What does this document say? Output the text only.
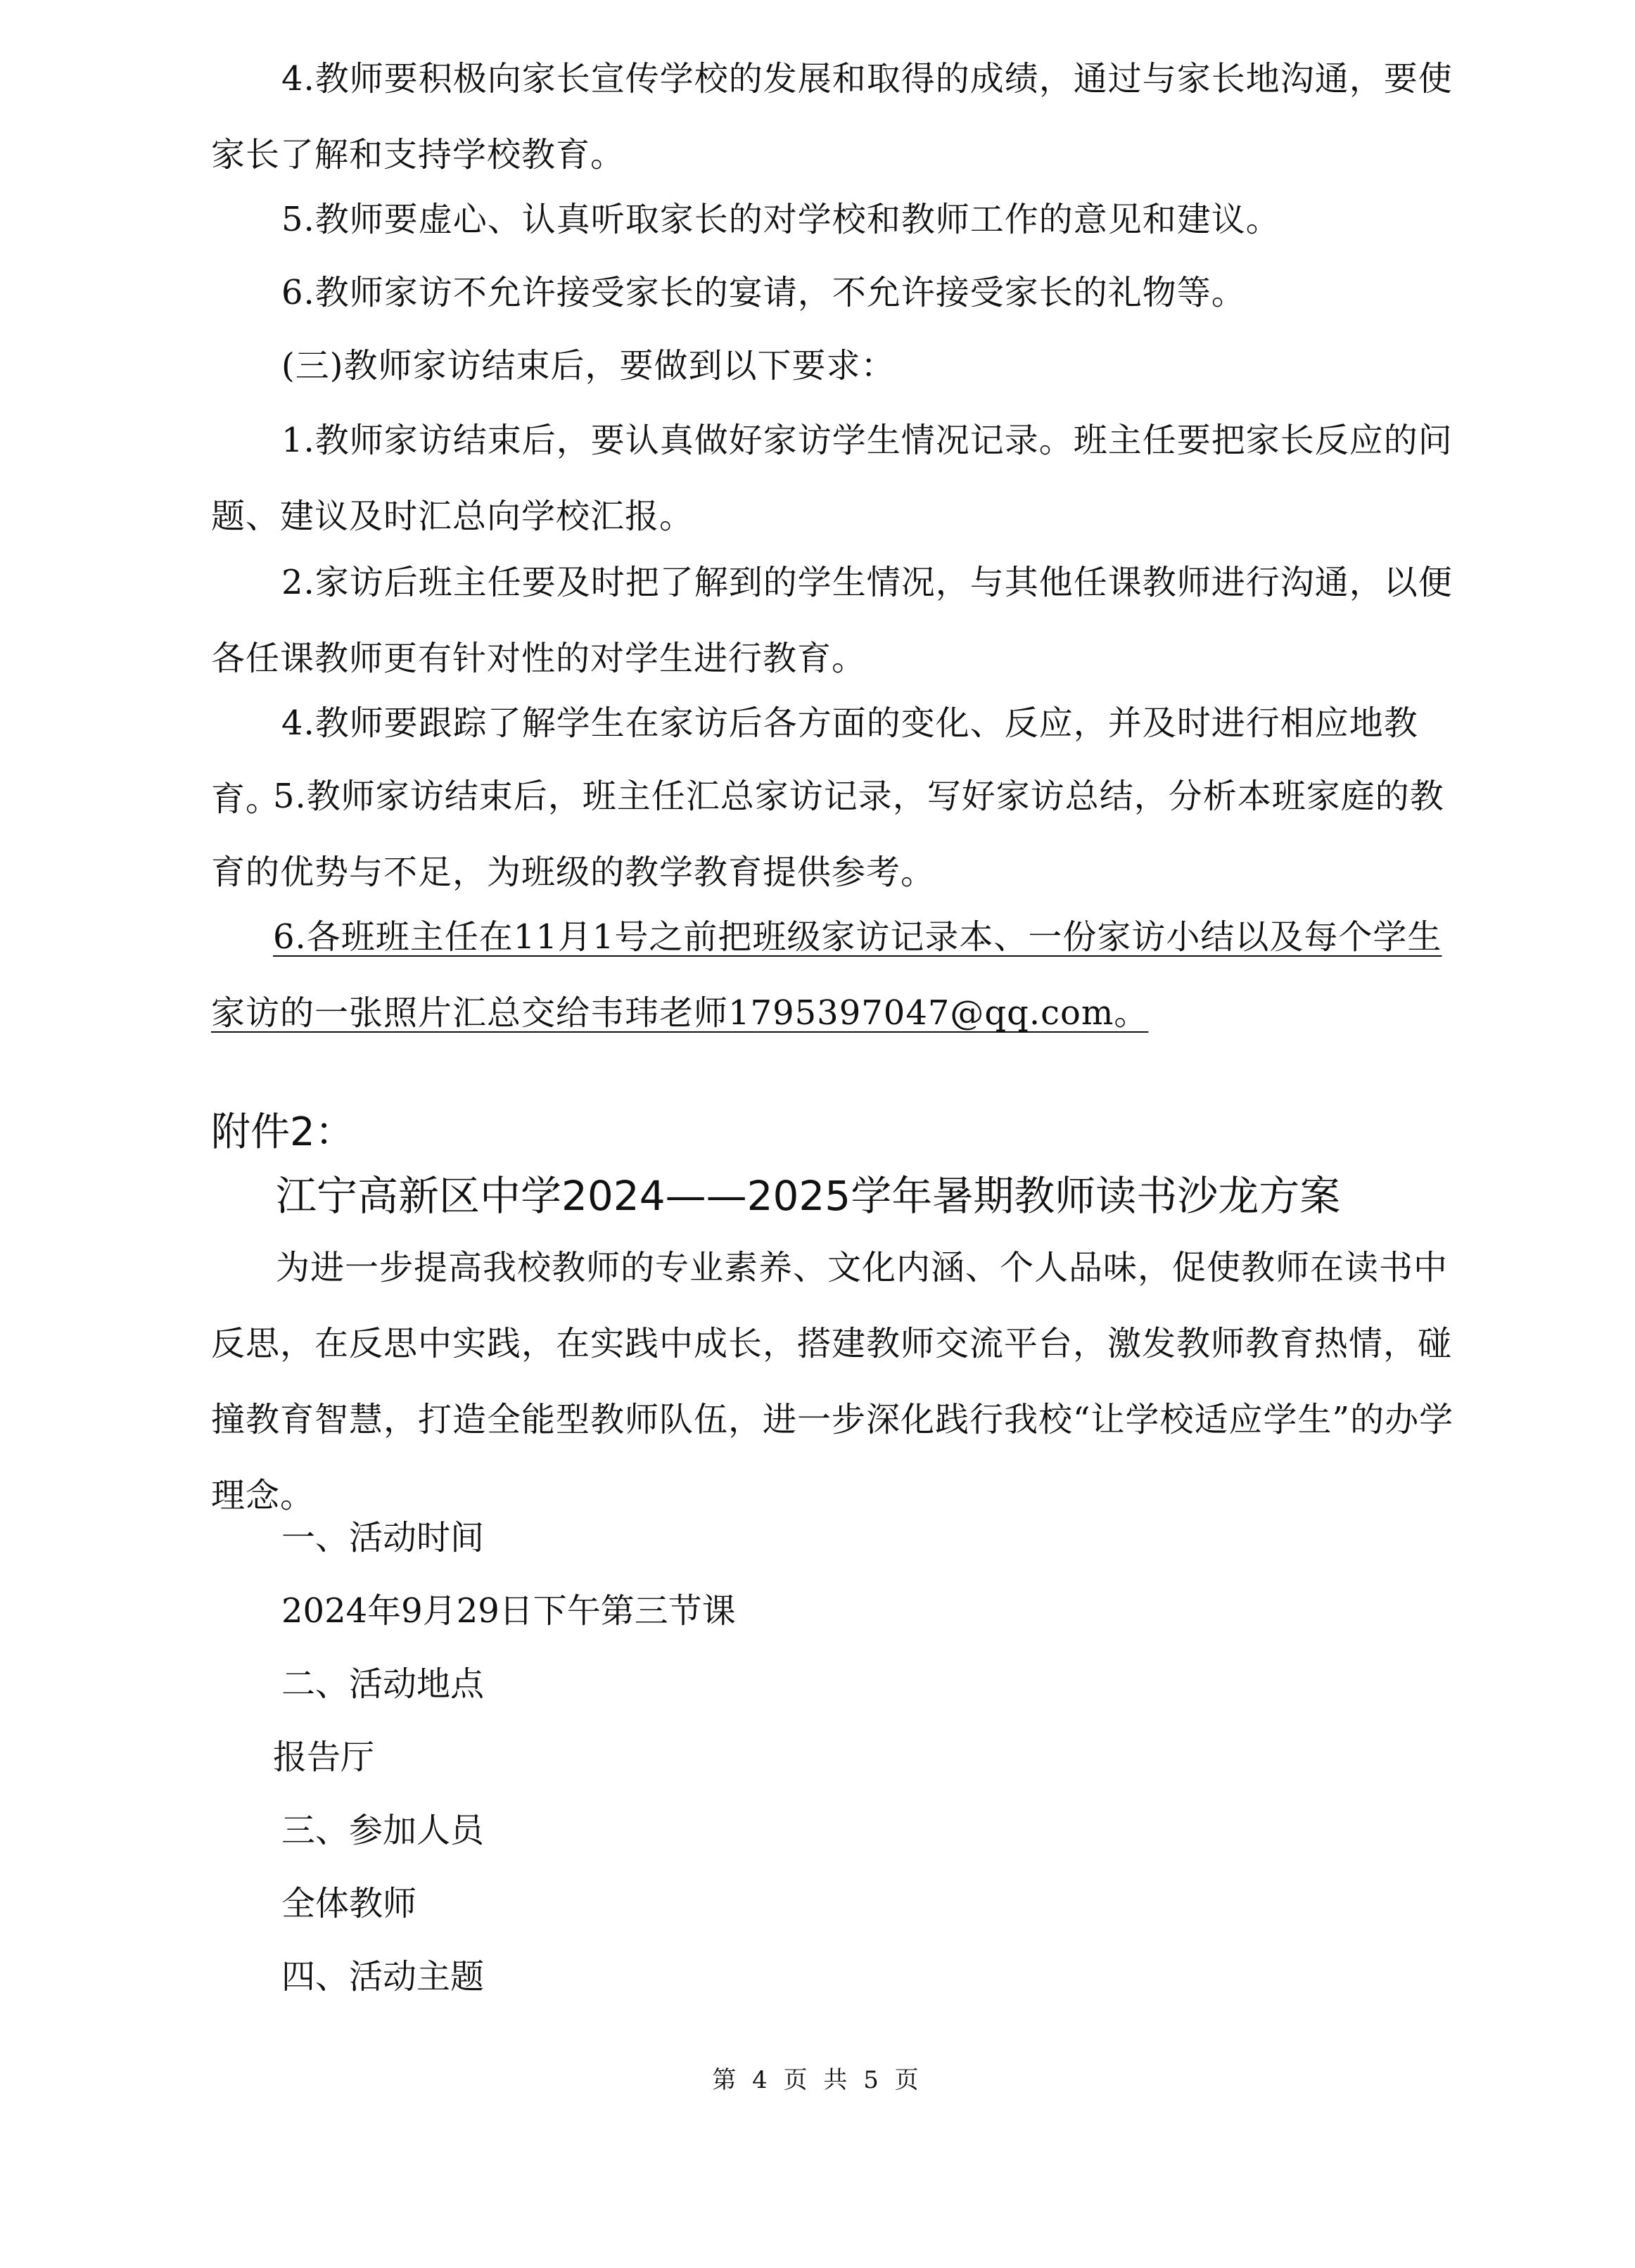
4.教师要积极向家长宣传学校的发展和取得的成绩，通过与家长地沟通，要使家长了解和支持学校教育。

5.教师要虚心、认真听取家长的对学校和教师工作的意见和建议。

6.教师家访不允许接受家长的宴请，不允许接受家长的礼物等。

(三)教师家访结束后，要做到以下要求：

1.教师家访结束后，要认真做好家访学生情况记录。班主任要把家长反应的问题、建议及时汇总向学校汇报。

2.家访后班主任要及时把了解到的学生情况，与其他任课教师进行沟通，以便各任课教师更有针对性的对学生进行教育。

4.教师要跟踪了解学生在家访后各方面的变化、反应，并及时进行相应地教育。

5.教师家访结束后，班主任汇总家访记录，写好家访总结，分析本班家庭的教育的优势与不足，为班级的教学教育提供参考。

6.各班班主任在11月1号之前把班级家访记录本、一份家访小结以及每个学生家访的一张照片汇总交给韦玮老师1795397047@qq.com。

附件2：
江宁高新区中学2024——2025学年暑期教师读书沙龙方案

为进一步提高我校教师的专业素养、文化内涵、个人品味，促使教师在读书中反思，在反思中实践，在实践中成长，搭建教师交流平台，激发教师教育热情，碰撞教育智慧，打造全能型教师队伍，进一步深化践行我校“让学校适应学生”的办学理念。

一、活动时间

2024年9月29日下午第三节课

二、活动地点

报告厅

三、参加人员

全体教师

四、活动主题

第 4 页 共 5 页
